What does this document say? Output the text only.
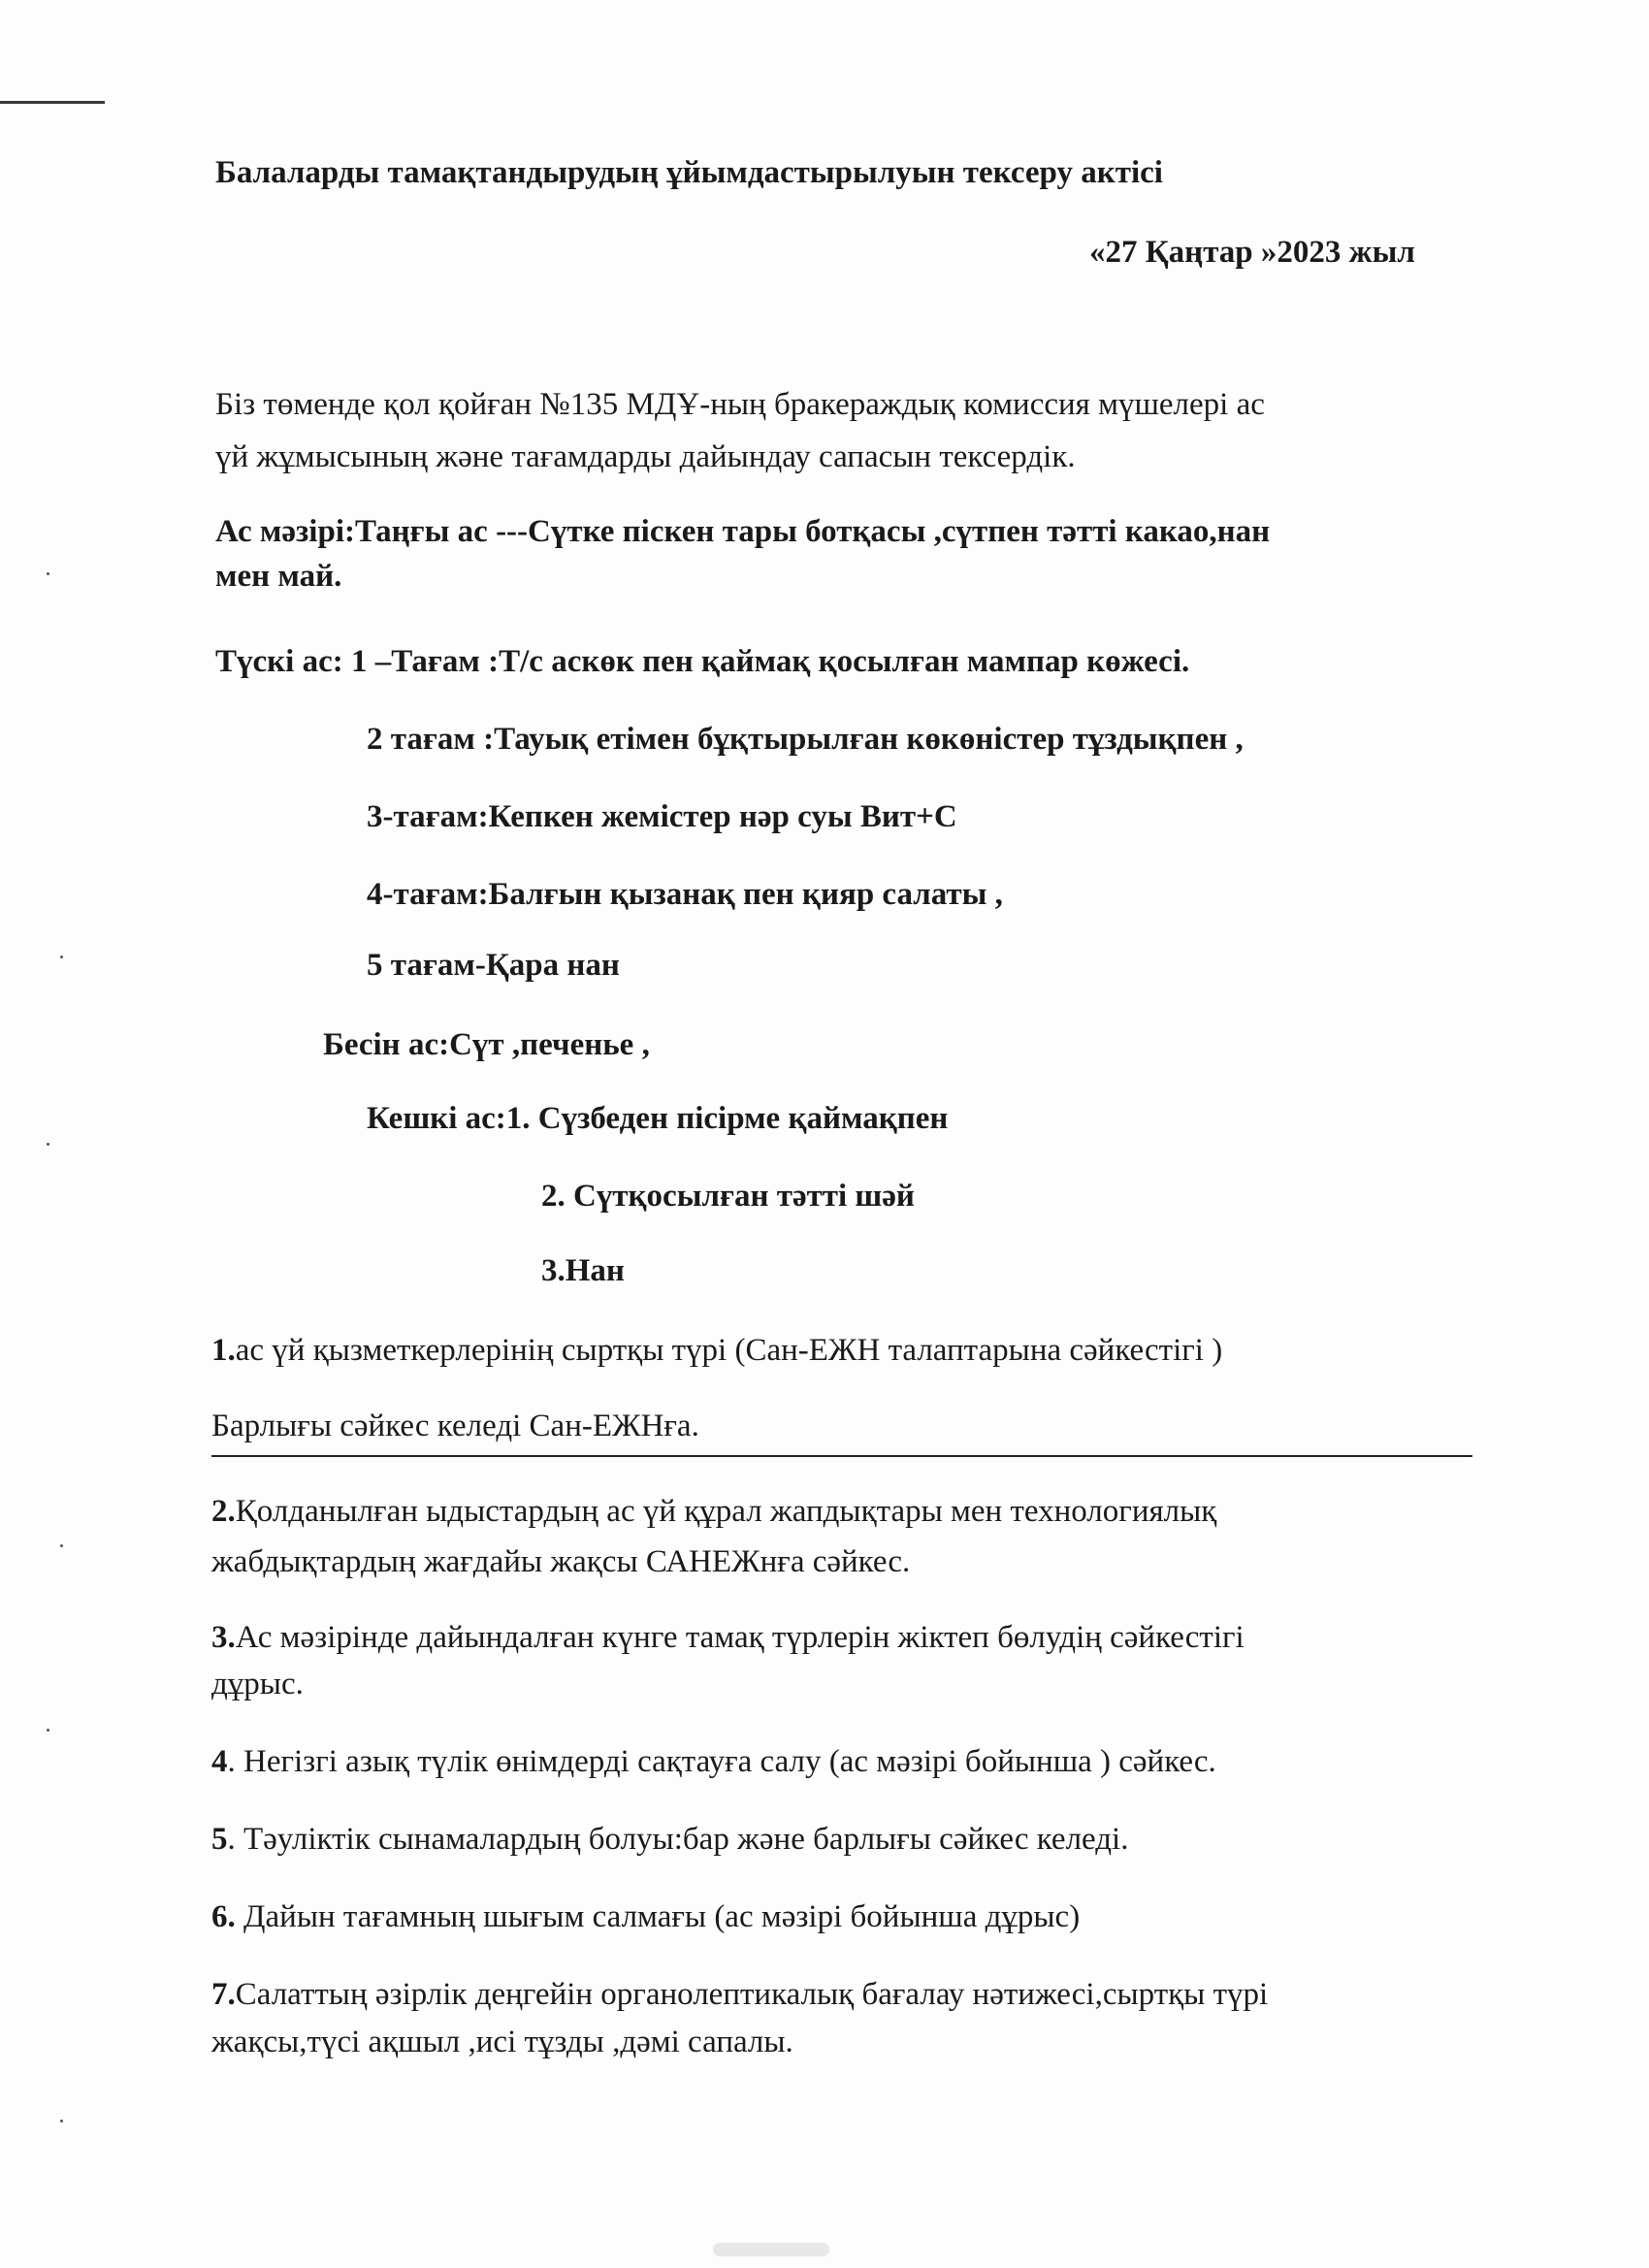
Балаларды тамақтандырудың ұйымдастырылуын тексеру актісі
«27 Қаңтар »2023 жыл
Біз төменде қол қойған №135 МДҰ-ның бракераждық комиссия мүшелері ас
үй жұмысының және тағамдарды дайындау сапасын тексердік.
Ас мәзірі:Таңғы ас ---Сүтке піскен тары ботқасы ,сүтпен тәтті какао,нан
мен май.
Түскі ас: 1 –Тағам :Т/с аскөк пен қаймақ қосылған мампар көжесі.
2 тағам :Тауық етімен бұқтырылған көкөністер тұздықпен ,
3-тағам:Кепкен жемістер нәр суы Вит+С
4-тағам:Балғын қызанақ пен қияр салаты ,
5 тағам-Қара нан
Бесін ас:Сүт ,печенье ,
Кешкі ас:1. Сүзбеден пісірме қаймақпен
2. Сүтқосылған тәтті шәй
3.Нан
1.ас үй қызметкерлерінің сыртқы түрі (Сан-ЕЖН талаптарына сәйкестігі )
Барлығы сәйкес келеді Сан-ЕЖНға.
2.Қолданылған ыдыстардың ас үй құрал жапдықтары мен технологиялық
жабдықтардың жағдайы жақсы САНЕЖнға сәйкес.
3.Ас мәзірінде дайындалған күнге тамақ түрлерін жіктеп бөлудің сәйкестігі
дұрыс.
4. Негізгі азық түлік өнімдерді сақтауға салу (ас мәзірі бойынша ) сәйкес.
5. Тәуліктік сынамалардың болуы:бар және барлығы сәйкес келеді.
6. Дайын тағамның шығым салмағы (ас мәзірі бойынша дұрыс)
7.Салаттың әзірлік деңгейін органолептикалық бағалау нәтижесі,сыртқы түрі
жақсы,түсі ақшыл ,исі тұзды ,дәмі сапалы.
